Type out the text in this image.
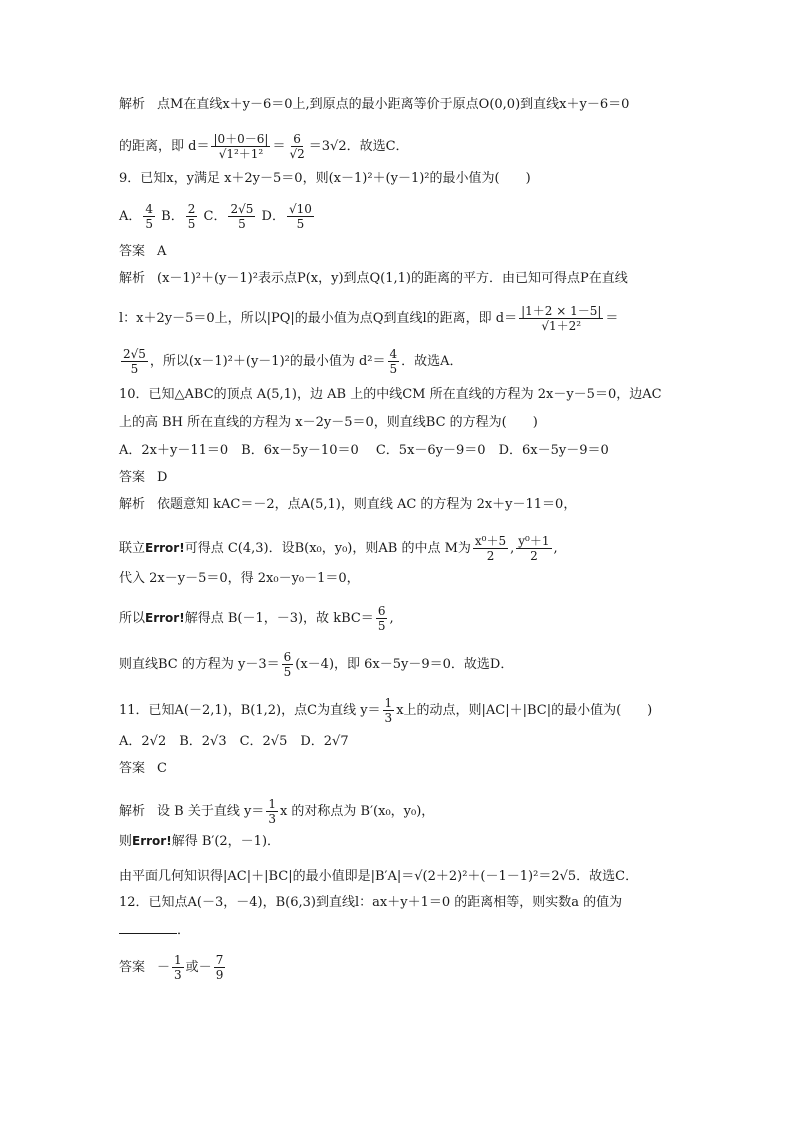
解析 点M在直线x＋y－6＝0上,到原点的最小距离等价于原点O(0,0)到直线x＋y－6＝0
的距离，即 $d= \frac{|0+0-6|}{\text{√1²＋1²}} = \frac{6}{√2} =3√2$．故选C．
9．已知x，y满足 x＋2y－5＝0，则(x－1)²＋(y－1)²的最小值为(　　)
A． $\frac{4}{5}$ B． $\frac{2}{5}$ C． $\frac{2√5}{5}$ D． $\frac{√10}{5}$
答案 A
解析 (x－1)²＋(y－1)²表示点P(x，y)到点Q(1,1)的距离的平方．由已知可得点P在直线
l：x＋2y－5＝0上，所以|PQ|的最小值为点Q到直线l的距离，即 $d= \frac{|1+2 \times 1-5|}{\text{√1＋2²}}$ ＝
$\frac{2√5}{5}$ ，所以(x－1)²＋(y－1)²的最小值为 $d^2= \frac{4}{5}$ ．故选A．
10．已知△ABC的顶点 A(5,1)，边 AB 上的中线CM 所在直线的方程为 2x－y－5＝0，边AC
上的高 BH 所在直线的方程为 x－2y－5＝0，则直线BC 的方程为(　　)
A．2x＋y－11＝0　B．6x－5y－10＝0　 C．5x－6y－9＝0　D．6x－5y－9＝0
答案 D
解析 依题意知 kAC＝－2，点A(5,1)，则直线 AC 的方程为 2x＋y－11＝0，
联立Error!可得点 C(4,3)．设B(x₀，y₀)，则AB 的中点 M为 $\frac{\text{x⁰＋5}}{2}$ , $\frac{\text{y⁰＋1}}{2}$ ,
代入 2x－y－5＝0，得 2x₀－y₀－1＝0，
所以Error!解得点 B(－1，－3)，故 $kBC= \frac{6}{5}$ ,
则直线BC 的方程为 $y-3= \frac{6}{5} (x-4)$，即 6x－5y－9＝0．故选D．
11．已知A(－2,1)，B(1,2)，点C为直线 $y= \frac{1}{3}$ x上的动点，则|AC|＋|BC|的最小值为(　　)
A．2√2　B．2√3　C．2√5　D．2√7
答案 C
解析 设 B 关于直线 $y= \frac{1}{3}$ x 的对称点为 B′(x₀，y₀)，
则Error!解得 B′(2，－1)．
由平面几何知识得|AC|＋|BC|的最小值即是|B′A|＝√(2＋2)²＋(－1－1)²＝2√5．故选C．
12．已知点A(－3，－4)，B(6,3)到直线l：ax＋y＋1＝0 的距离相等，则实数a 的值为
．
答案 － $\frac{1}{3}$ 或－ $\frac{7}{9}$
